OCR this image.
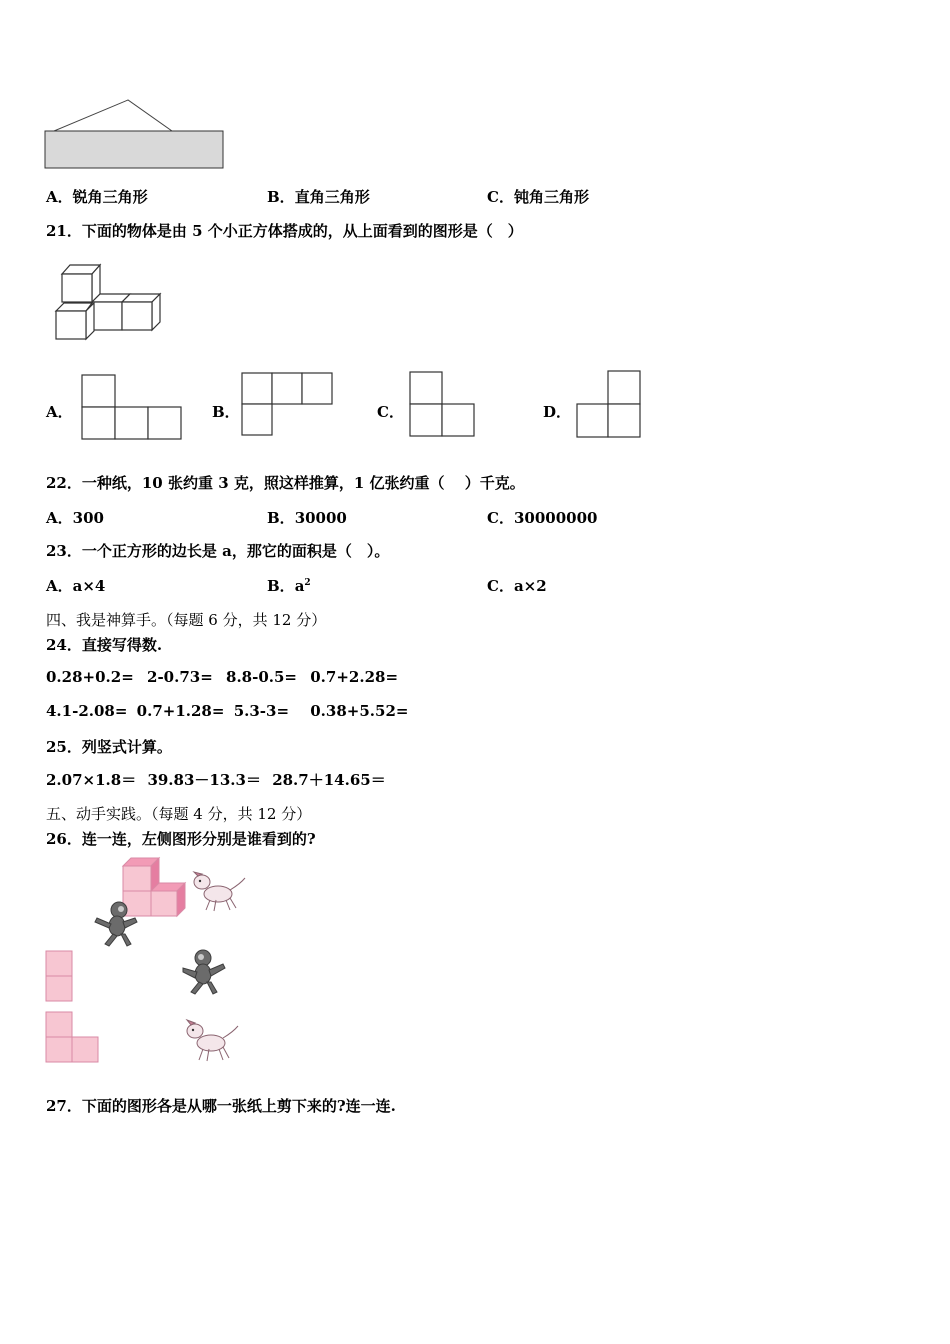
A．锐角三角形	B．直角三角形	C．钝角三角形
21．下面的物体是由 5 个小正方体搭成的，从上面看到的图形是（　）
A．	B．	C．	D．
22．一种纸，10 张约重 3 克，照这样推算，1 亿张约重（　 ）千克。
A．300	B．30000	C．30000000
23．一个正方形的边长是 a，那它的面积是（　）。
A．a×4	B．$a^2$	C．a×2
四、我是神算手。（每题 6 分，共 12 分）
24．直接写得数.
0.28+0.2= 2-0.73= 8.8-0.5= 0.7+2.28=
4.1-2.08= 0.7+1.28= 5.3-3= 0.38+5.52=
25．列竖式计算。
2.07×1.8＝ 39.83－13.3＝ 28.7＋14.65＝
五、动手实践。（每题 4 分，共 12 分）
26．连一连，左侧图形分别是谁看到的?
27．下面的图形各是从哪一张纸上剪下来的?连一连.
